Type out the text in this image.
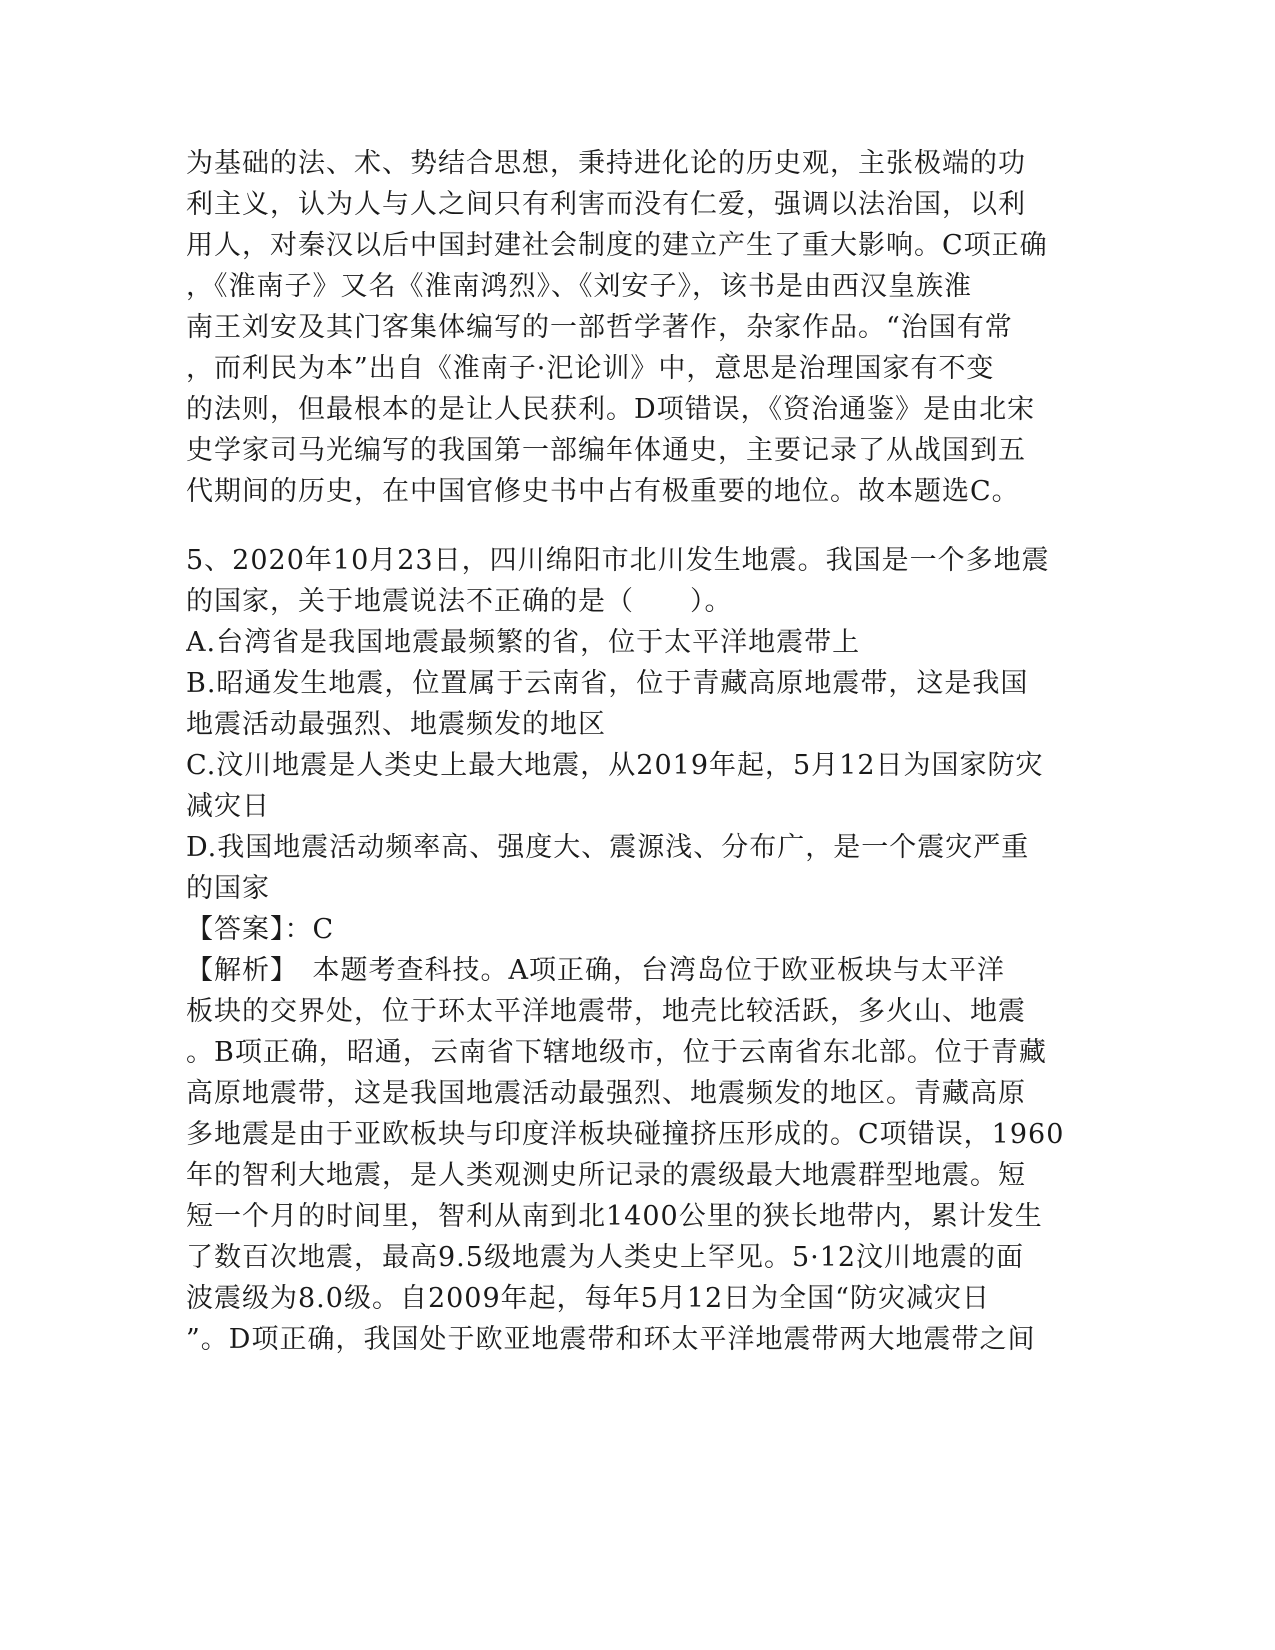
为基础的法、术、势结合思想，秉持进化论的历史观，主张极端的功
利主义，认为人与人之间只有利害而没有仁爱，强调以法治国，以利
用人，对秦汉以后中国封建社会制度的建立产生了重大影响。C项正确
，《淮南子》又名《淮南鸿烈》、《刘安子》，该书是由西汉皇族淮
南王刘安及其门客集体编写的一部哲学著作，杂家作品。“治国有常
，而利民为本”出自《淮南子·汜论训》中，意思是治理国家有不变
的法则，但最根本的是让人民获利。D项错误，《资治通鉴》是由北宋
史学家司马光编写的我国第一部编年体通史，主要记录了从战国到五
代期间的历史，在中国官修史书中占有极重要的地位。故本题选C。
5、2020年10月23日，四川绵阳市北川发生地震。我国是一个多地震
的国家，关于地震说法不正确的是（　　）。
A.台湾省是我国地震最频繁的省，位于太平洋地震带上
B.昭通发生地震，位置属于云南省，位于青藏高原地震带，这是我国
地震活动最强烈、地震频发的地区
C.汶川地震是人类史上最大地震，从2019年起，5月12日为国家防灾
减灾日
D.我国地震活动频率高、强度大、震源浅、分布广，是一个震灾严重
的国家
【答案】：C
【解析】　本题考查科技。A项正确，台湾岛位于欧亚板块与太平洋
板块的交界处，位于环太平洋地震带，地壳比较活跃，多火山、地震
。B项正确，昭通，云南省下辖地级市，位于云南省东北部。位于青藏
高原地震带，这是我国地震活动最强烈、地震频发的地区。青藏高原
多地震是由于亚欧板块与印度洋板块碰撞挤压形成的。C项错误，1960
年的智利大地震，是人类观测史所记录的震级最大地震群型地震。短
短一个月的时间里，智利从南到北1400公里的狭长地带内，累计发生
了数百次地震，最高9.5级地震为人类史上罕见。5·12汶川地震的面
波震级为8.0级。自2009年起，每年5月12日为全国“防灾减灾日
”。D项正确，我国处于欧亚地震带和环太平洋地震带两大地震带之间
